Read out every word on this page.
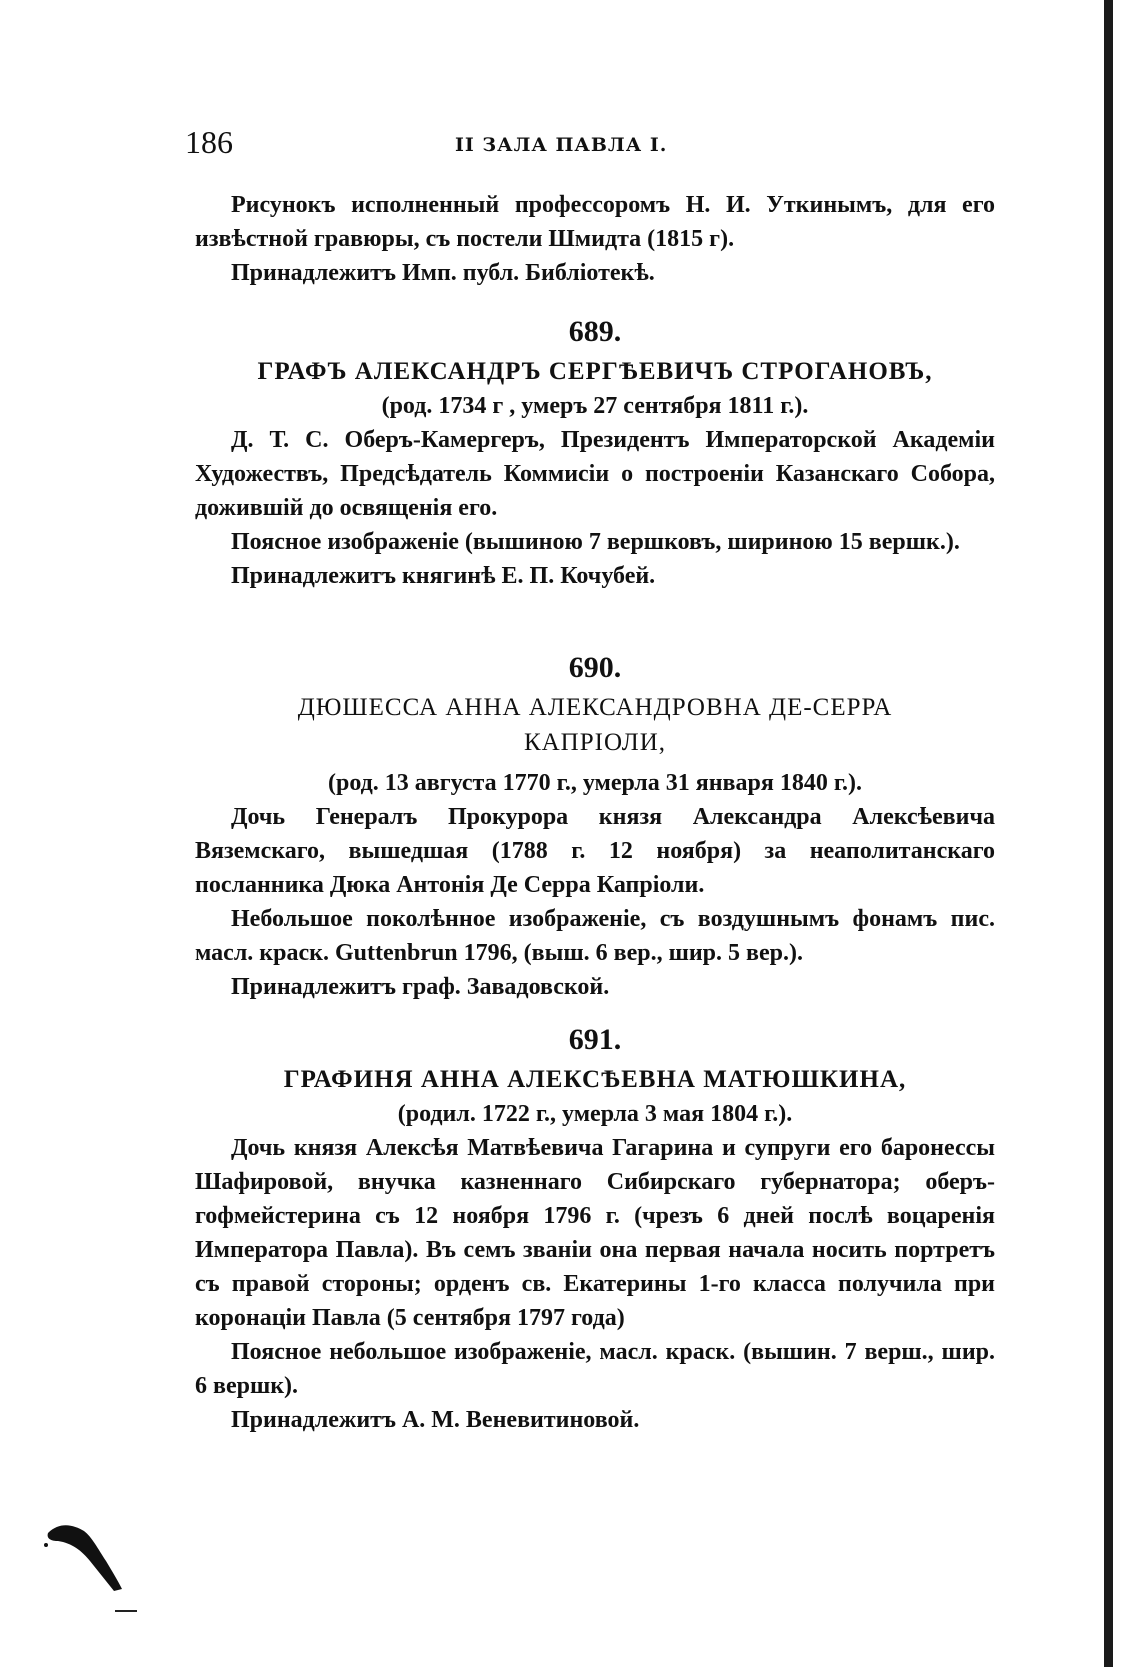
186	II ЗАЛА ПАВЛА I.

Рисунокъ исполненный профессоромъ Н. И. Уткинымъ, для его извѣстной гравюры, съ постели Шмидта (1815 г).

Принадлежитъ Имп. публ. Библіотекѣ.

689.

ГРАФЪ АЛЕКСАНДРЪ СЕРГѢЕВИЧЪ СТРОГАНОВЪ,

(род. 1734 г , умеръ 27 сентября 1811 г.).

Д. Т. С. Оберъ-Камергеръ, Президентъ Императорской Академіи Художествъ, Предсѣдатель Коммисіи о построеніи Казанскаго Собора, дожившій до освященія его.

Поясное изображеніе (вышиною 7 вершковъ, шириною 15 вершк.).

Принадлежитъ княгинѣ Е. П. Кочубей.

690.

ДЮШЕССА АННА АЛЕКСАНДРОВНА ДЕ-СЕРРА

КАПРІОЛИ,

(род. 13 августа 1770 г., умерла 31 января 1840 г.).

Дочь Генералъ Прокурора князя Александра Алексѣевича Вяземскаго, вышедшая (1788 г. 12 ноября) за неаполитанскаго посланника Дюка Антонія Де Серра Капріоли.

Небольшое поколѣнное изображеніе, съ воздушнымъ фонамъ пис. масл. краск. Guttenbrun 1796, (выш. 6 вер., шир. 5 вер.).

Принадлежитъ граф. Завадовской.

691.

ГРАФИНЯ АННА АЛЕКСѢЕВНА МАТЮШКИНА,

(родил. 1722 г., умерла 3 мая 1804 г.).

Дочь князя Алексѣя Матвѣевича Гагарина и супруги его баронессы Шафировой, внучка казненнаго Сибирскаго губернатора; оберъ-гофмейстерина съ 12 ноября 1796 г. (чрезъ 6 дней послѣ воцаренія Императора Павла). Въ семъ званіи она первая начала носить портретъ съ правой стороны; орденъ св. Екатерины 1-го класса получила при коронаціи Павла (5 сентября 1797 года)

Поясное небольшое изображеніе, масл. краск. (вышин. 7 верш., шир. 6 вершк).

Принадлежитъ А. М. Веневитиновой.
